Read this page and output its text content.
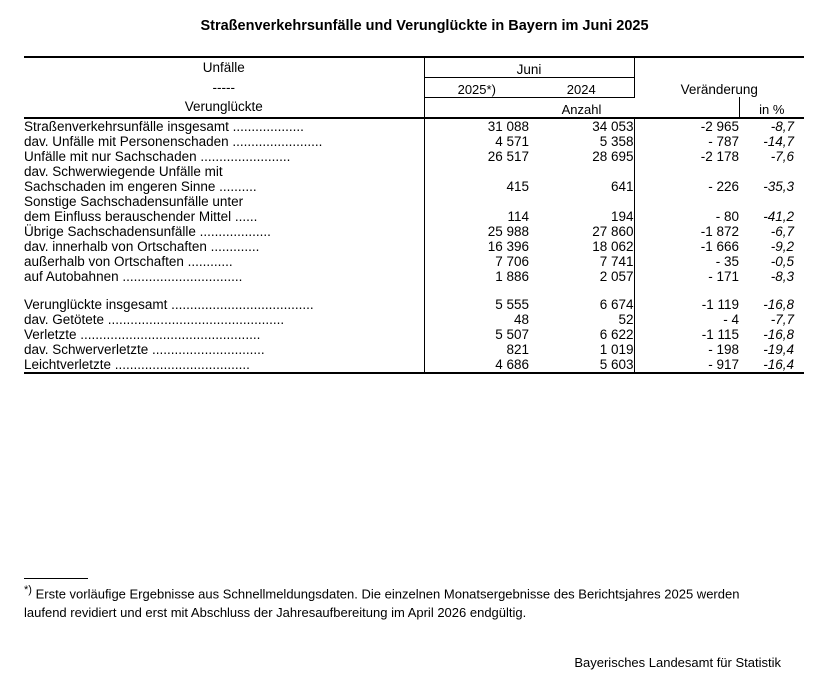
Straßenverkehrsunfälle und Verunglückte in Bayern im Juni 2025

Unfälle
-----
Verunglückte	Juni		Veränderung	
	2025*)	2024		
	Anzahl			in %

Straßenverkehrsunfälle insgesamt ...................	31 088	34 053	-2 965	-8,7
dav. Unfälle mit Personenschaden ........................	4 571	5 358	- 787	-14,7
Unfälle mit nur Sachschaden ........................	26 517	28 695	-2 178	-7,6
dav. Schwerwiegende Unfälle mit				
Sachschaden im engeren Sinne ..........	415	641	- 226	-35,3
Sonstige Sachschadensunfälle unter				
dem Einfluss berauschender Mittel ......	114	194	- 80	-41,2
Übrige Sachschadensunfälle ...................	25 988	27 860	-1 872	-6,7
dav. innerhalb von Ortschaften .............	16 396	18 062	-1 666	-9,2
außerhalb von Ortschaften ............	7 706	7 741	- 35	-0,5
auf Autobahnen ................................	1 886	2 057	- 171	-8,3

Verunglückte insgesamt ......................................	5 555	6 674	-1 119	-16,8
dav. Getötete ...............................................	48	52	- 4	-7,7
Verletzte ................................................	5 507	6 622	-1 115	-16,8
dav. Schwerverletzte ..............................	821	1 019	- 198	-19,4
Leichtverletzte ....................................	4 686	5 603	- 917	-16,4

*) Erste vorläufige Ergebnisse aus Schnellmeldungsdaten. Die einzelnen Monatsergebnisse des Berichtsjahres 2025 werden laufend revidiert und erst mit Abschluss der Jahresaufbereitung im April 2026 endgültig.
Bayerisches Landesamt für Statistik
